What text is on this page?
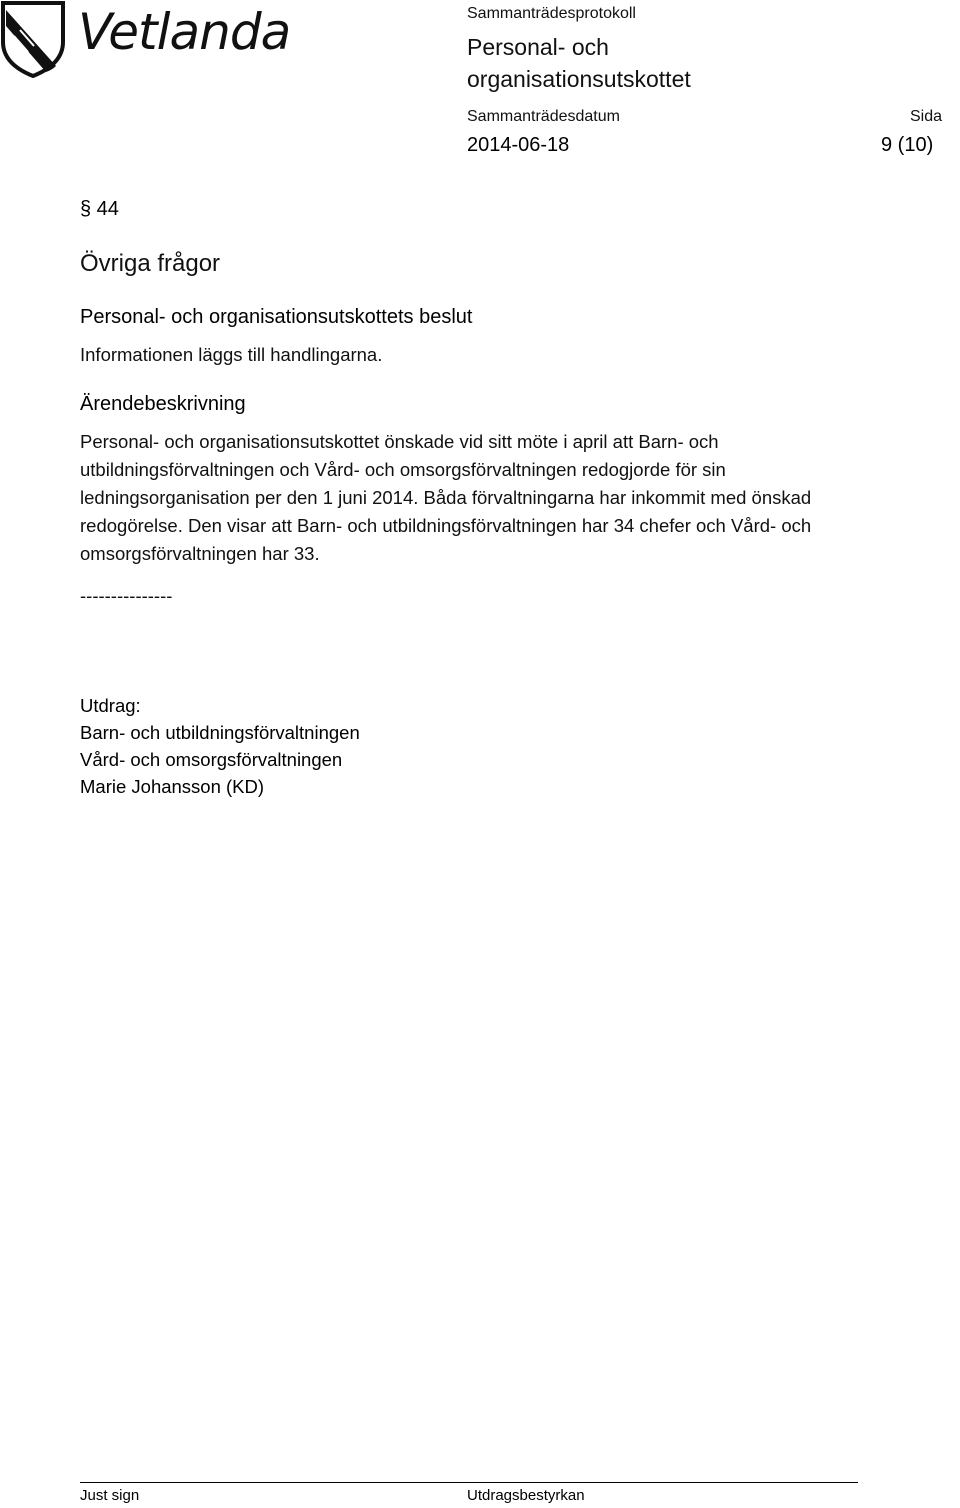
Vetlanda	Sammanträdesprotokoll
Personal- och
organisationsutskottet
Sammanträdesdatum	Sida
2014-06-18	9 (10)
§ 44
Övriga frågor
Personal- och organisationsutskottets beslut
Informationen läggs till handlingarna.
Ärendebeskrivning
Personal- och organisationsutskottet önskade vid sitt möte i april att Barn- och utbildningsförvaltningen och Vård- och omsorgsförvaltningen redogjorde för sin ledningsorganisation per den 1 juni 2014. Båda förvaltningarna har inkommit med önskad redogörelse. Den visar att Barn- och utbildningsförvaltningen har 34 chefer och Vård- och omsorgsförvaltningen har 33.
---------------
Utdrag:
Barn- och utbildningsförvaltningen
Vård- och omsorgsförvaltningen
Marie Johansson (KD)
Just sign	Utdragsbestyrkan
